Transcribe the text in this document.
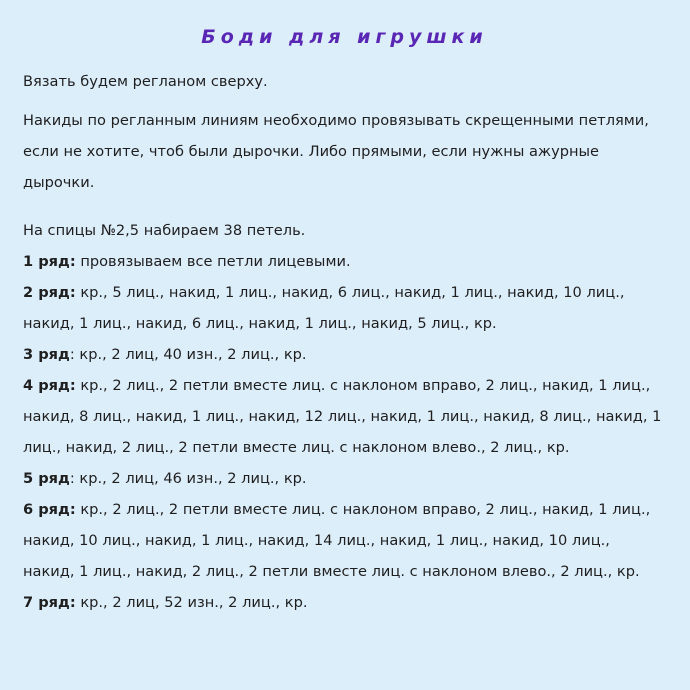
Боди для игрушки

Вязать будем регланом сверху.

Накиды по регланным линиям необходимо провязывать скрещенными петлями, если не хотите, чтоб были дырочки. Либо прямыми, если нужны ажурные дырочки.

На спицы №2,5 набираем 38 петель.

1 ряд: провязываем все петли лицевыми.

2 ряд: кр., 5 лиц., накид, 1 лиц., накид, 6 лиц., накид, 1 лиц., накид, 10 лиц., накид, 1 лиц., накид, 6 лиц., накид, 1 лиц., накид, 5 лиц., кр.

3 ряд: кр., 2 лиц, 40 изн., 2 лиц., кр.

4 ряд: кр., 2 лиц., 2 петли вместе лиц. с наклоном вправо, 2 лиц., накид, 1 лиц., накид, 8 лиц., накид, 1 лиц., накид, 12 лиц., накид, 1 лиц., накид, 8 лиц., накид, 1 лиц., накид, 2 лиц., 2 петли вместе лиц. с наклоном влево., 2 лиц., кр.

5 ряд: кр., 2 лиц, 46 изн., 2 лиц., кр.

6 ряд: кр., 2 лиц., 2 петли вместе лиц. с наклоном вправо, 2 лиц., накид, 1 лиц., накид, 10 лиц., накид, 1 лиц., накид, 14 лиц., накид, 1 лиц., накид, 10 лиц., накид, 1 лиц., накид, 2 лиц., 2 петли вместе лиц. с наклоном влево., 2 лиц., кр.

7 ряд: кр., 2 лиц, 52 изн., 2 лиц., кр.
